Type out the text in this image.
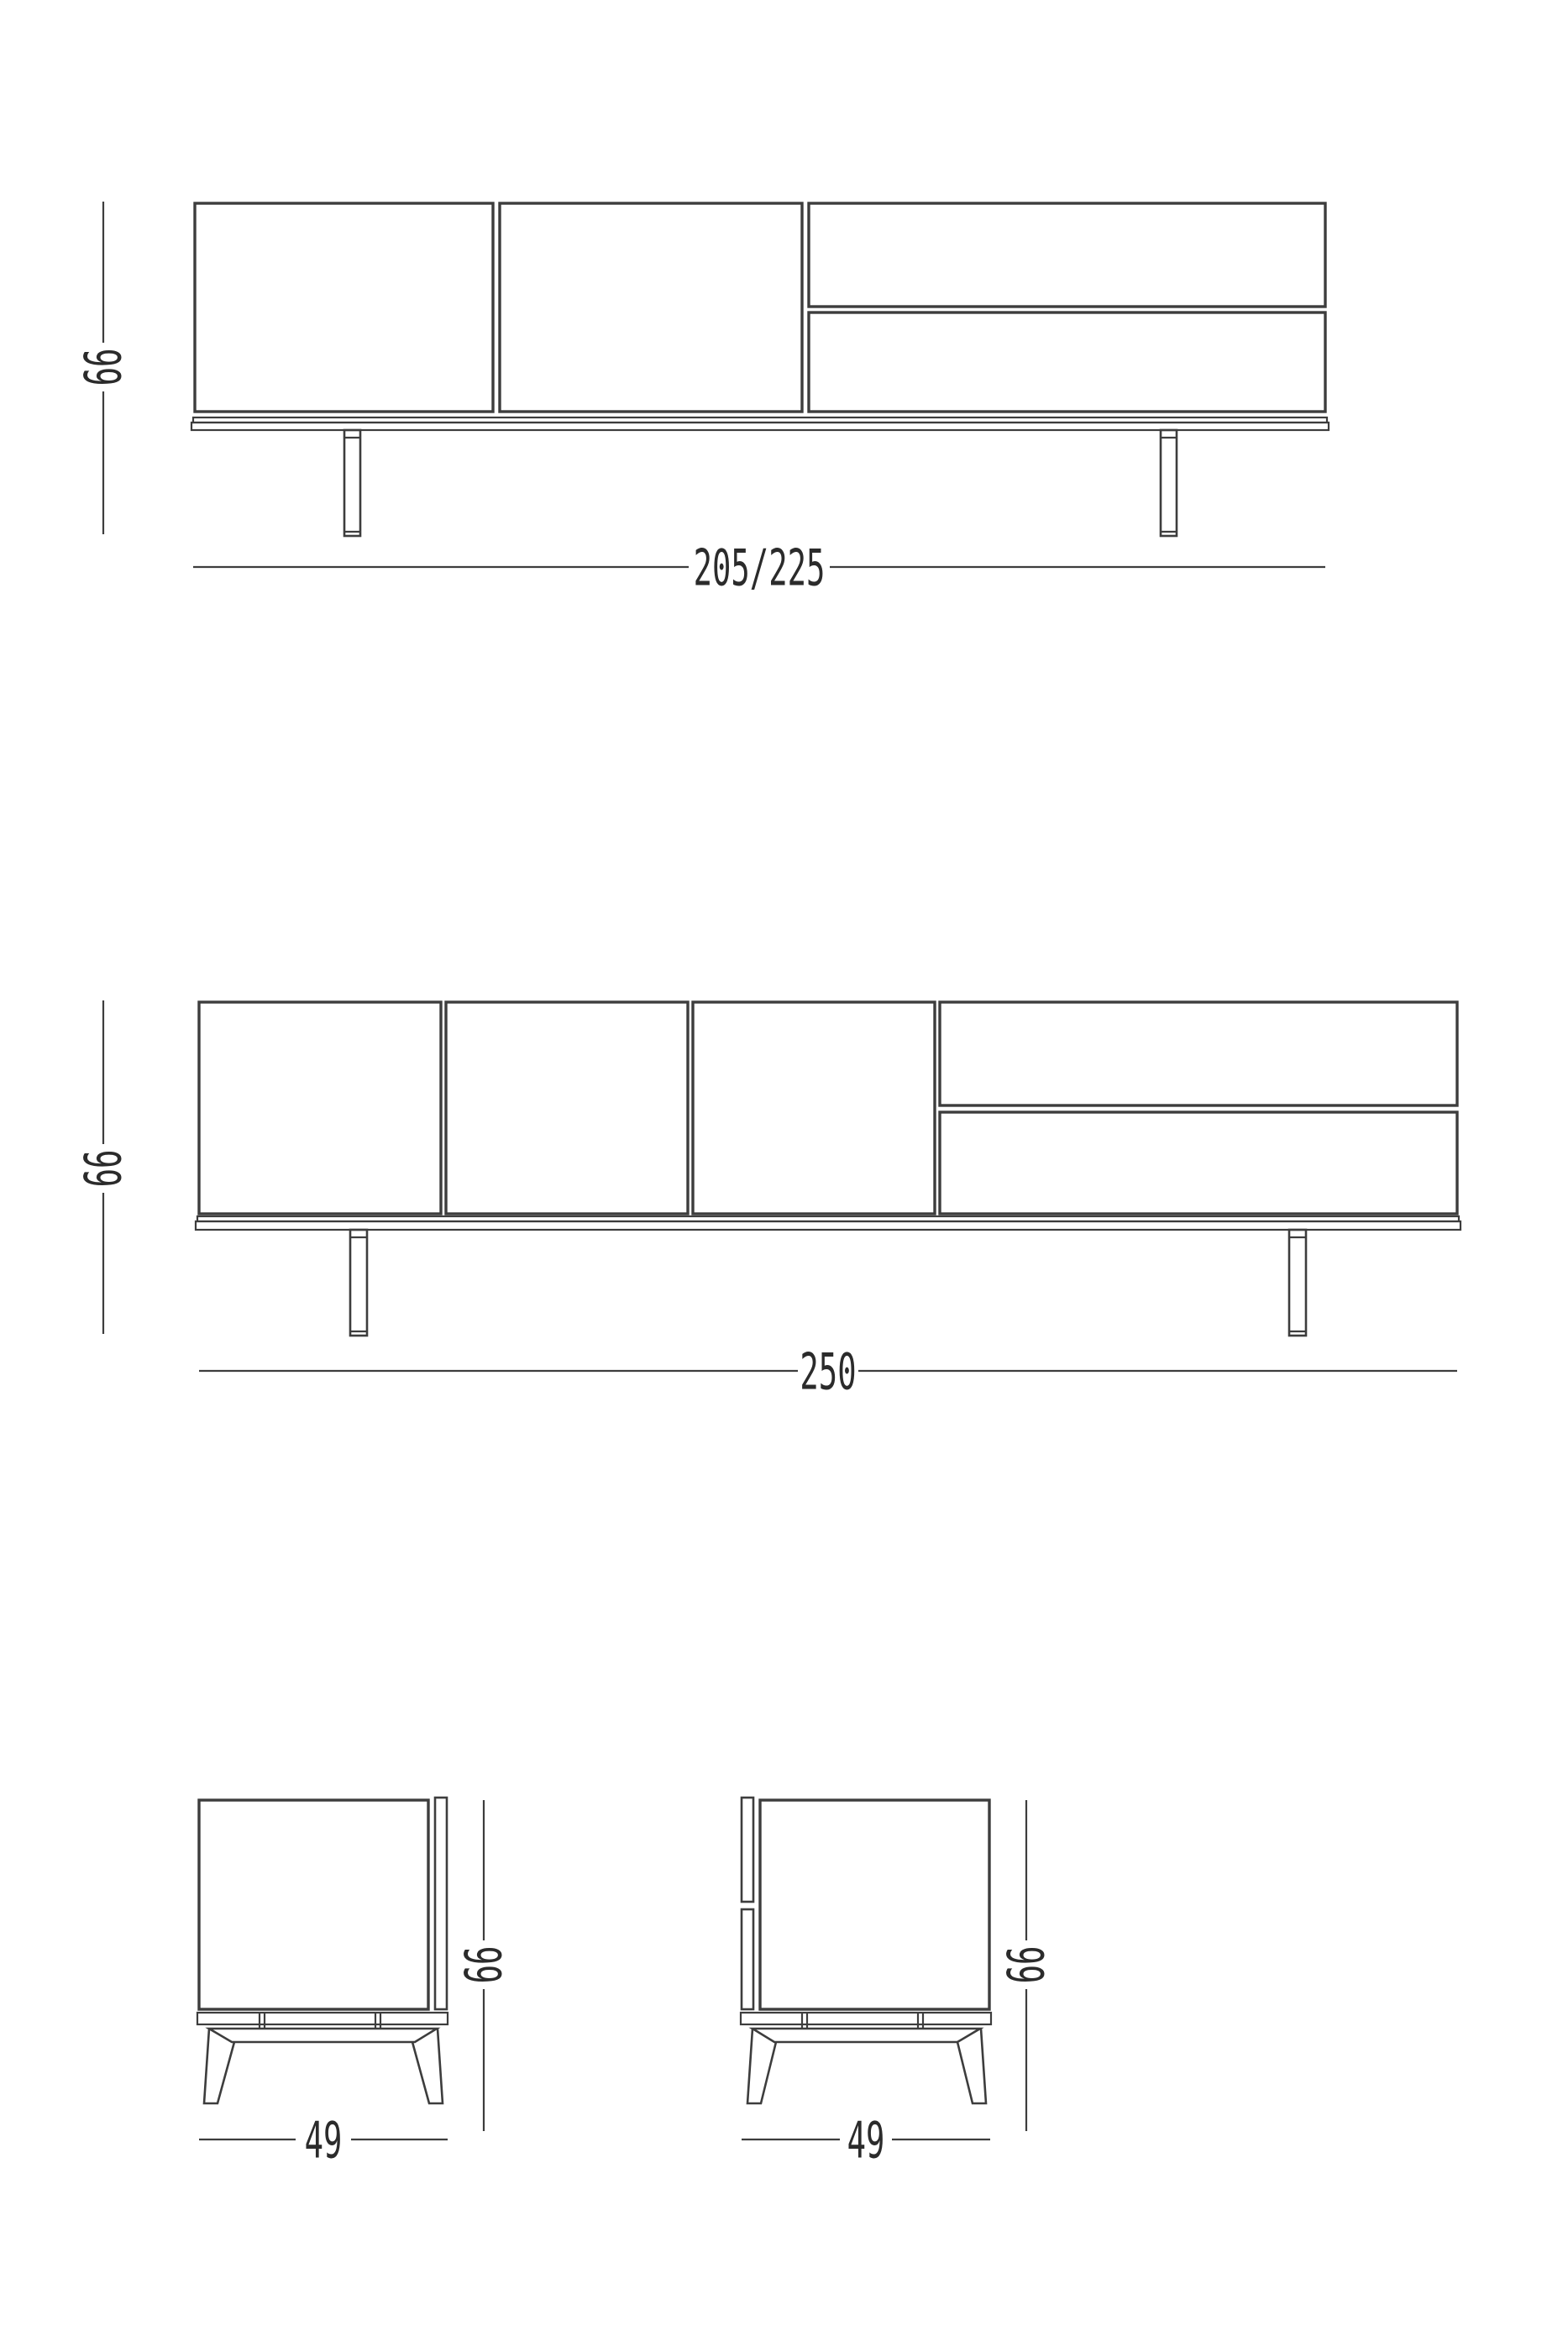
66
205/225
66
250
49
66
49
66
